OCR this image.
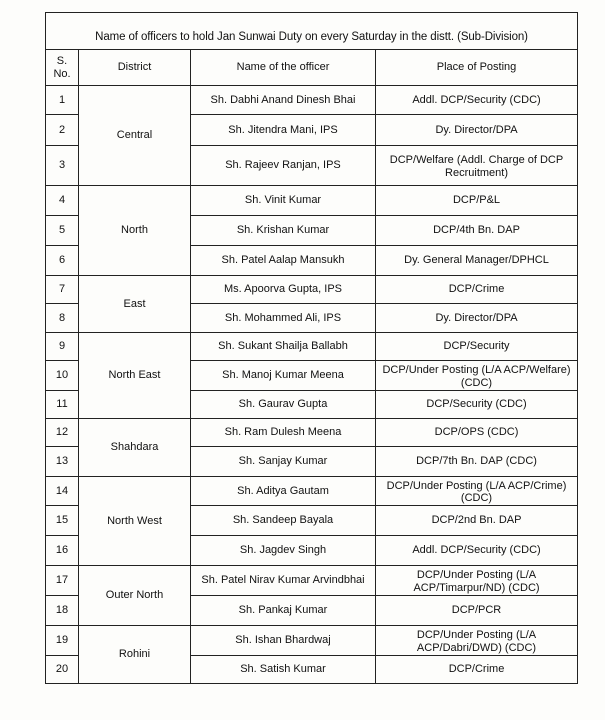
Name of officers to hold Jan Sunwai Duty on every Saturday in the distt. (Sub-Division)			
S.
No.	District	Name of the officer	Place of Posting
1	Central	Sh. Dabhi Anand Dinesh Bhai	Addl. DCP/Security (CDC)
2		Sh. Jitendra Mani, IPS	Dy. Director/DPA
3		Sh. Rajeev Ranjan, IPS	DCP/Welfare (Addl. Charge of DCP Recruitment)
4	North	Sh. Vinit Kumar	DCP/P&L
5		Sh. Krishan Kumar	DCP/4th Bn. DAP
6		Sh. Patel Aalap Mansukh	Dy. General Manager/DPHCL
7	East	Ms. Apoorva Gupta, IPS	DCP/Crime
8		Sh. Mohammed Ali, IPS	Dy. Director/DPA
9	North East	Sh. Sukant Shailja Ballabh	DCP/Security
10		Sh. Manoj Kumar Meena	DCP/Under Posting (L/A ACP/Welfare) (CDC)
11		Sh. Gaurav Gupta	DCP/Security (CDC)
12	Shahdara	Sh. Ram Dulesh Meena	DCP/OPS (CDC)
13		Sh. Sanjay Kumar	DCP/7th Bn. DAP (CDC)
14	North West	Sh. Aditya Gautam	DCP/Under Posting (L/A ACP/Crime) (CDC)
15		Sh. Sandeep Bayala	DCP/2nd Bn. DAP
16		Sh. Jagdev Singh	Addl. DCP/Security (CDC)
17	Outer North	Sh. Patel Nirav Kumar Arvindbhai	DCP/Under Posting (L/A ACP/Timarpur/ND) (CDC)
18		Sh. Pankaj Kumar	DCP/PCR
19	Rohini	Sh. Ishan Bhardwaj	DCP/Under Posting (L/A ACP/Dabri/DWD) (CDC)
20		Sh. Satish Kumar	DCP/Crime
